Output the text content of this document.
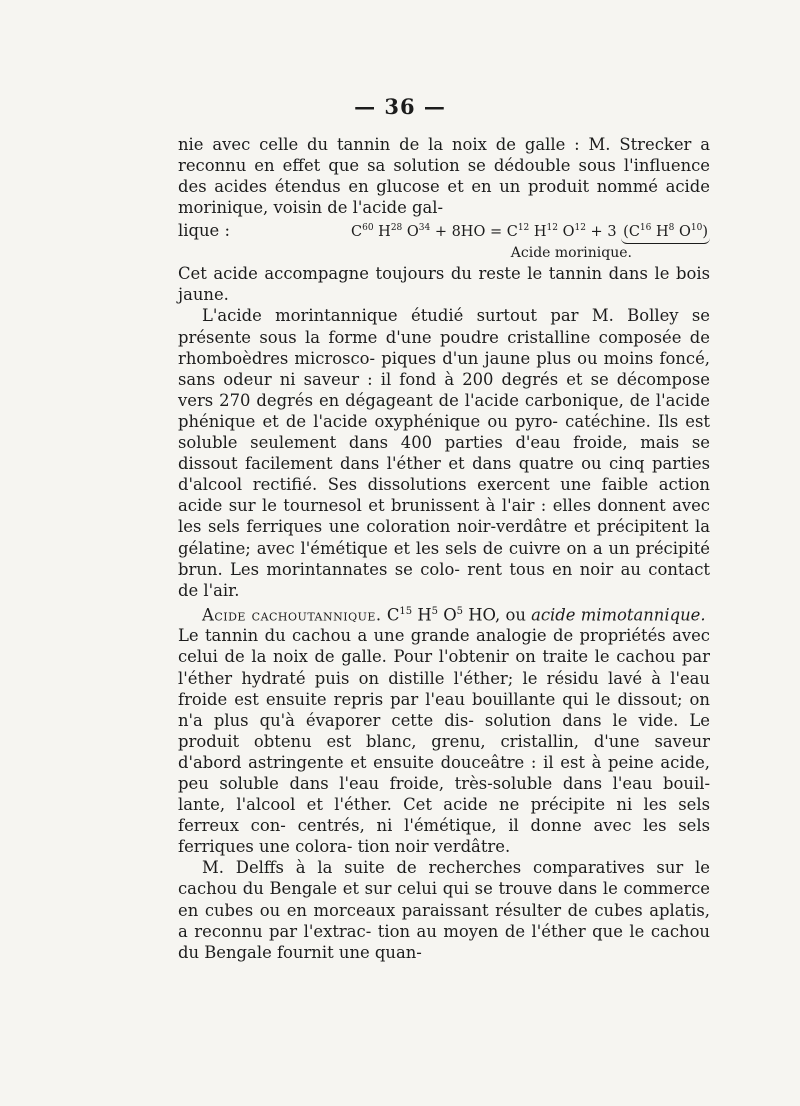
— 36 —

nie avec celle du tannin de la noix de galle : M. Strecker a reconnu en effet que sa solution se dédouble sous l'influence des acides étendus en glucose et en un produit nommé acide morinique, voisin de l'acide gal-

lique :	$C^{60}$ $H^{28}$ $O^{34} + 8HO = C^{12}$ $H^{12}$ $O^{12} + 3$ ($C^{16}$ $H^8$ $O^{10}$)
Acide morinique.

Cet acide accompagne toujours du reste le tannin dans le bois jaune.

L'acide morintannique étudié surtout par M. Bolley se présente sous la forme d'une poudre cristalline composée de rhomboèdres microsco- piques d'un jaune plus ou moins foncé, sans odeur ni saveur : il fond à 200 degrés et se décompose vers 270 degrés en dégageant de l'acide carbonique, de l'acide phénique et de l'acide oxyphénique ou pyro- catéchine. Ils est soluble seulement dans 400 parties d'eau froide, mais se dissout facilement dans l'éther et dans quatre ou cinq parties d'alcool rectifié. Ses dissolutions exercent une faible action acide sur le tournesol et brunissent à l'air : elles donnent avec les sels ferriques une coloration noir-verdâtre et précipitent la gélatine; avec l'émétique et les sels de cuivre on a un précipité brun. Les morintannates se colo- rent tous en noir au contact de l'air.

Acide cachoutannique. $C^{15}$ $H^5$ $O^5$ HO, ou acide mimotannique.

Le tannin du cachou a une grande analogie de propriétés avec celui de la noix de galle. Pour l'obtenir on traite le cachou par l'éther hydraté puis on distille l'éther; le résidu lavé à l'eau froide est ensuite repris par l'eau bouillante qui le dissout; on n'a plus qu'à évaporer cette dis- solution dans le vide. Le produit obtenu est blanc, grenu, cristallin, d'une saveur d'abord astringente et ensuite douceâtre : il est à peine acide, peu soluble dans l'eau froide, très-soluble dans l'eau bouil- lante, l'alcool et l'éther. Cet acide ne précipite ni les sels ferreux con- centrés, ni l'émétique, il donne avec les sels ferriques une colora- tion noir verdâtre.

M. Delffs à la suite de recherches comparatives sur le cachou du Bengale et sur celui qui se trouve dans le commerce en cubes ou en morceaux paraissant résulter de cubes aplatis, a reconnu par l'extrac- tion au moyen de l'éther que le cachou du Bengale fournit une quan-
